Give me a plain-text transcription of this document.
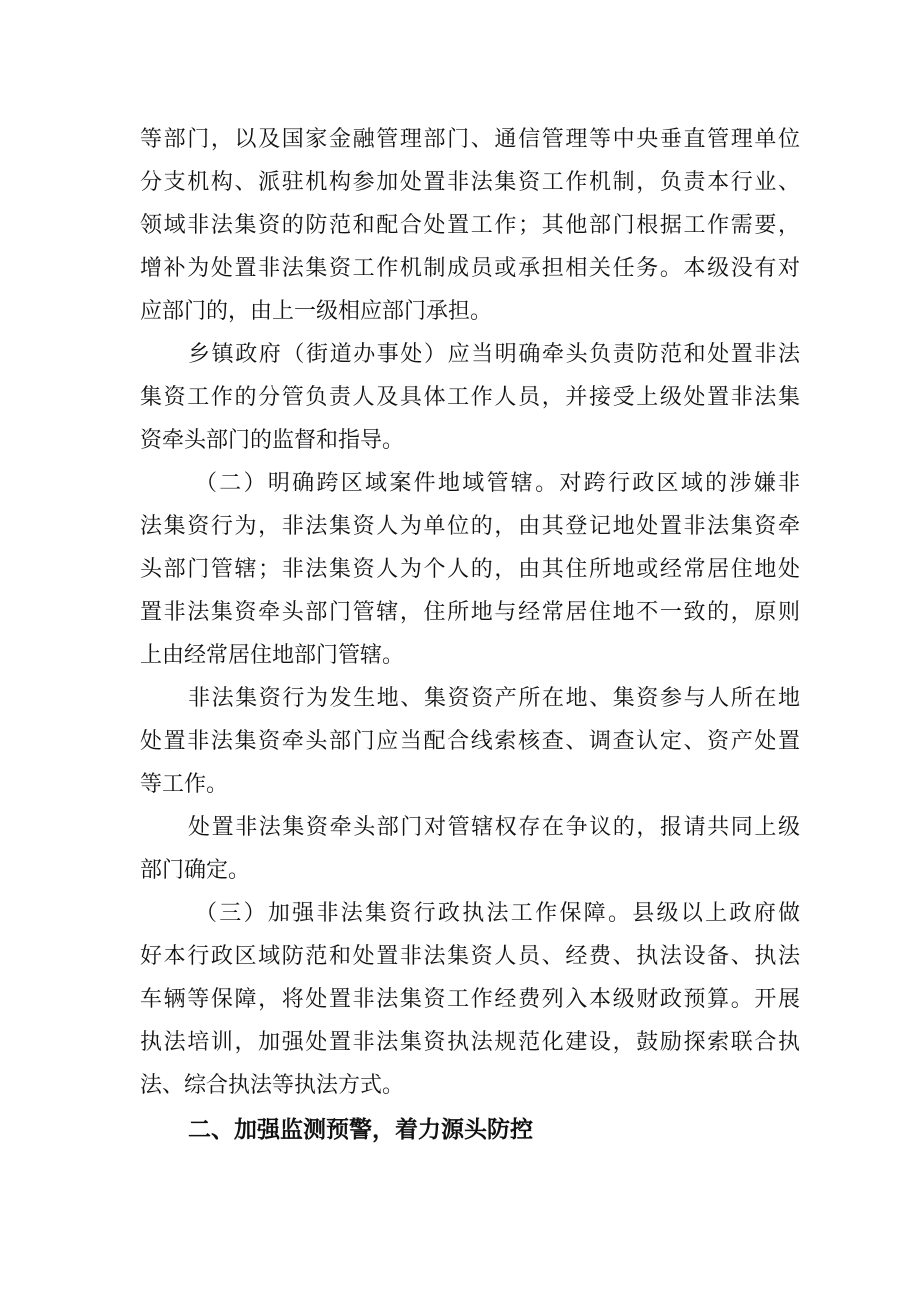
等部门，以及国家金融管理部门、通信管理等中央垂直管理单位
分支机构、派驻机构参加处置非法集资工作机制，负责本行业、
领域非法集资的防范和配合处置工作；其他部门根据工作需要，
增补为处置非法集资工作机制成员或承担相关任务。本级没有对
应部门的，由上一级相应部门承担。
乡镇政府（街道办事处）应当明确牵头负责防范和处置非法
集资工作的分管负责人及具体工作人员，并接受上级处置非法集
资牵头部门的监督和指导。
（二）明确跨区域案件地域管辖。对跨行政区域的涉嫌非
法集资行为，非法集资人为单位的，由其登记地处置非法集资牵
头部门管辖；非法集资人为个人的，由其住所地或经常居住地处
置非法集资牵头部门管辖，住所地与经常居住地不一致的，原则
上由经常居住地部门管辖。
非法集资行为发生地、集资资产所在地、集资参与人所在地
处置非法集资牵头部门应当配合线索核查、调查认定、资产处置
等工作。
处置非法集资牵头部门对管辖权存在争议的，报请共同上级
部门确定。
（三）加强非法集资行政执法工作保障。县级以上政府做
好本行政区域防范和处置非法集资人员、经费、执法设备、执法
车辆等保障，将处置非法集资工作经费列入本级财政预算。开展
执法培训，加强处置非法集资执法规范化建设，鼓励探索联合执
法、综合执法等执法方式。
二、加强监测预警，着力源头防控
